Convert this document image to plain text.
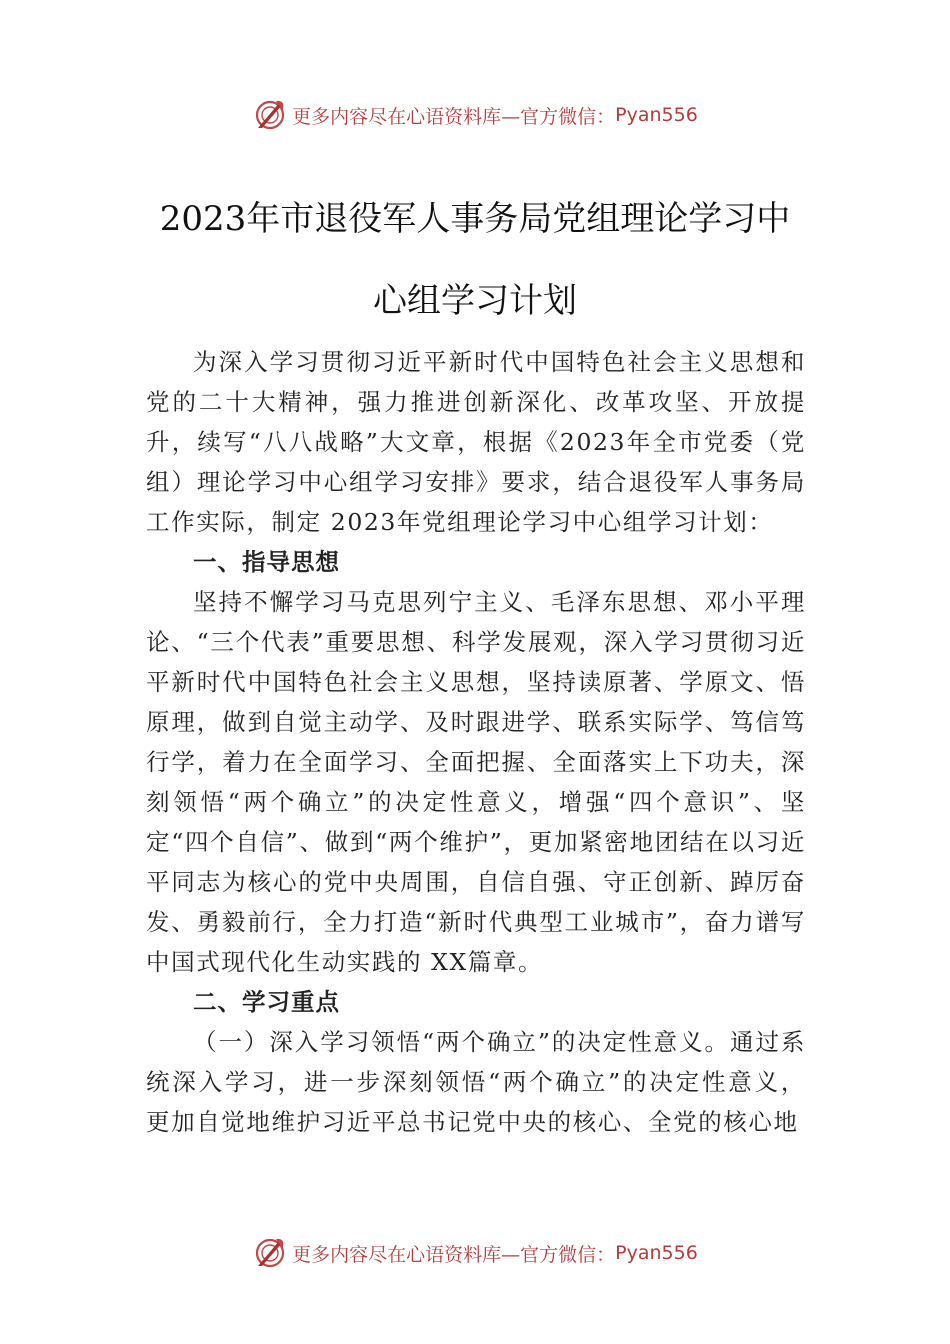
更多内容尽在心语资料库—官方微信： Pyan556
2023年市退役军人事务局党组理论学习中
心组学习计划

为深入学习贯彻习近平新时代中国特色社会主义思想和党的二十大精神，强力推进创新深化、改革攻坚、开放提升，续写“八八战略”大文章，根据《2023年全市党委（党组）理论学习中心组学习安排》要求，结合退役军人事务局工作实际，制定 2023年党组理论学习中心组学习计划：

一、指导思想

坚持不懈学习马克思列宁主义、毛泽东思想、邓小平理论、“三个代表”重要思想、科学发展观，深入学习贯彻习近平新时代中国特色社会主义思想，坚持读原著、学原文、悟原理，做到自觉主动学、及时跟进学、联系实际学、笃信笃行学，着力在全面学习、全面把握、全面落实上下功夫，深刻领悟“两个确立”的决定性意义，增强“四个意识”、坚定“四个自信”、做到“两个维护”，更加紧密地团结在以习近平同志为核心的党中央周围，自信自强、守正创新、踔厉奋发、勇毅前行，全力打造“新时代典型工业城市”，奋力谱写中国式现代化生动实践的 XX篇章。

二、学习重点

（一）深入学习领悟“两个确立”的决定性意义。通过系统深入学习，进一步深刻领悟“两个确立”的决定性意义， 更加自觉地维护习近平总书记党中央的核心、全党的核心地

更多内容尽在心语资料库—官方微信： Pyan556
